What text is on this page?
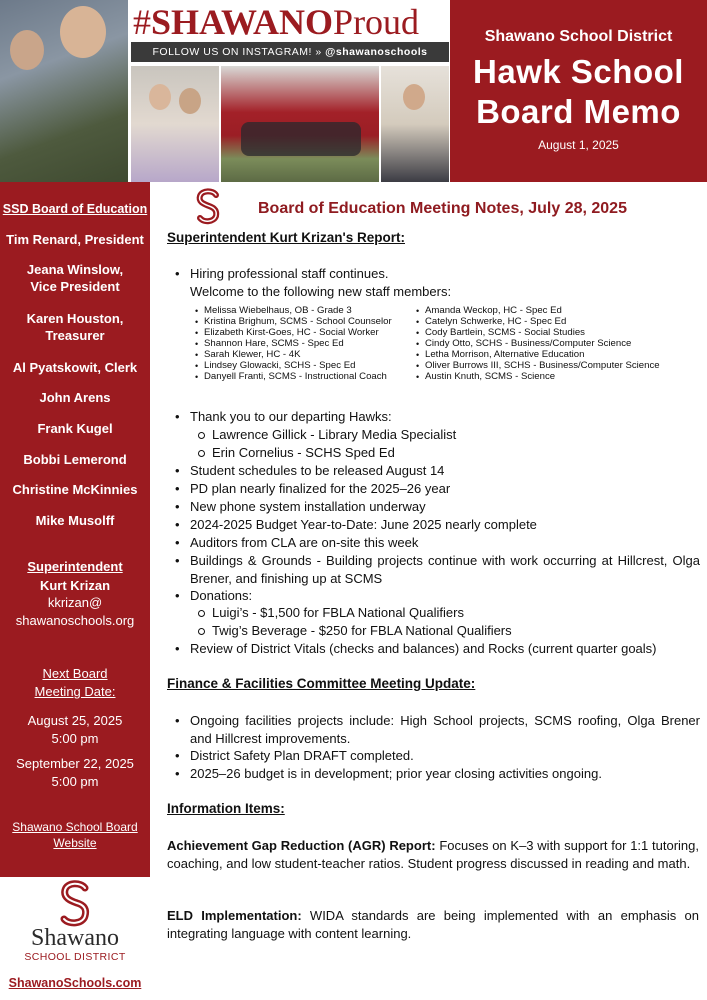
#SHAWANOProud
FOLLOW US ON INSTAGRAM! » @shawanoschools
Shawano School District
Hawk School
Board Memo
August 1, 2025
SSD Board of Education
Tim Renard, President
Jeana Winslow,
Vice President
Karen Houston,
Treasurer
Al Pyatskowit, Clerk
John Arens
Frank Kugel
Bobbi Lemerond
Christine McKinnies
Mike Musolff
Superintendent
Kurt Krizan
kkrizan@
shawanoschools.org
Next Board
Meeting Date:
August 25, 2025
5:00 pm
September 22, 2025
5:00 pm
Shawano School Board
Website
Shawano
SCHOOL DISTRICT
ShawanoSchools.com
Board of Education Meeting Notes, July 28, 2025
Superintendent Kurt Krizan's Report:
• Hiring professional staff continues.
Welcome to the following new staff members:
• Melissa Wiebelhaus, OB - Grade 3
• Kristina Brighum, SCMS - School Counselor
• Elizabeth Kirst-Goes, HC - Social Worker
• Shannon Hare, SCMS - Spec Ed
• Sarah Klewer, HC - 4K
• Lindsey Glowacki, SCHS - Spec Ed
• Danyell Franti, SCMS - Instructional Coach
• Amanda Weckop, HC - Spec Ed
• Catelyn Schwerke, HC - Spec Ed
• Cody Bartlein, SCMS - Social Studies
• Cindy Otto, SCHS - Business/Computer Science
• Letha Morrison, Alternative Education
• Oliver Burrows III, SCHS - Business/Computer Science
• Austin Knuth, SCMS - Science
• Thank you to our departing Hawks:
Lawrence Gillick - Library Media Specialist
Erin Cornelius - SCHS Sped Ed
• Student schedules to be released August 14
• PD plan nearly finalized for the 2025–26 year
• New phone system installation underway
• 2024-2025 Budget Year-to-Date: June 2025 nearly complete
• Auditors from CLA are on-site this week
• Buildings & Grounds - Building projects continue with work occurring at Hillcrest, Olga Brener, and finishing up at SCMS
• Donations:
Luigi’s - $1,500 for FBLA National Qualifiers
Twig’s Beverage - $250 for FBLA National Qualifiers
• Review of District Vitals (checks and balances) and Rocks (current quarter goals)
Finance & Facilities Committee Meeting Update:
• Ongoing facilities projects include: High School projects, SCMS roofing, Olga Brener and Hillcrest improvements.
• District Safety Plan DRAFT completed.
• 2025–26 budget is in development; prior year closing activities ongoing.
Information Items:
Achievement Gap Reduction (AGR) Report: Focuses on K–3 with support for 1:1 tutoring, coaching, and low student-teacher ratios. Student progress discussed in reading and math.
ELD Implementation: WIDA standards are being implemented with an emphasis on integrating language with content learning.
